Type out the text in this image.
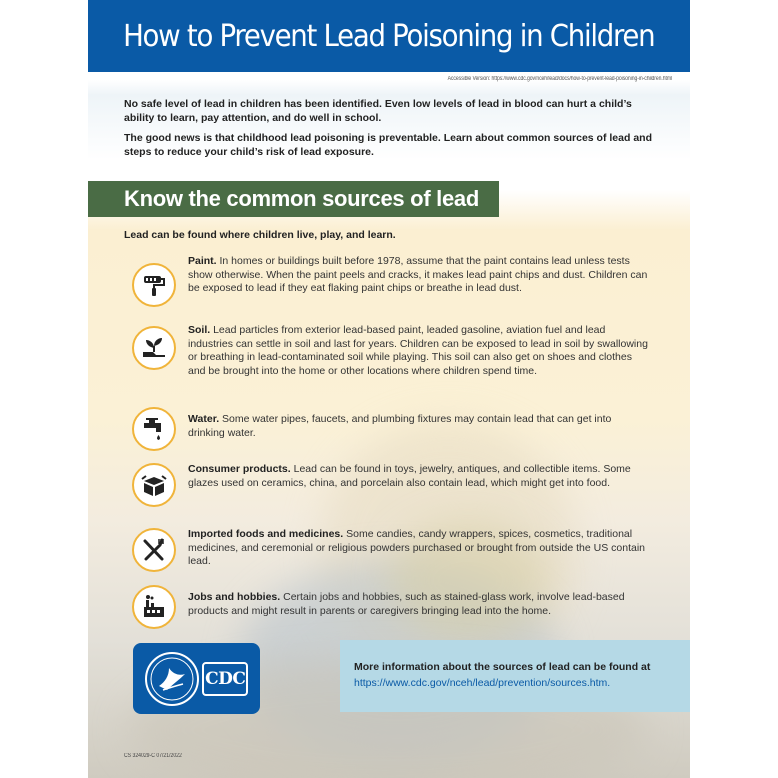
How to Prevent Lead Poisoning in Children
Accessible Version: https://www.cdc.gov/nceh/lead/docs/how-to-prevent-lead-poisoning-in-children.html

No safe level of lead in children has been identified. Even low levels of lead in blood can hurt a child’s ability to learn, pay attention, and do well in school.

The good news is that childhood lead poisoning is preventable. Learn about common sources of lead and steps to reduce your child’s risk of lead exposure.

Know the common sources of lead
Lead can be found where children live, play, and learn.
Paint. In homes or buildings built before 1978, assume that the paint contains lead unless tests show otherwise. When the paint peels and cracks, it makes lead paint chips and dust. Children can be exposed to lead if they eat flaking paint chips or breathe in lead dust.
Soil. Lead particles from exterior lead-based paint, leaded gasoline, aviation fuel and lead industries can settle in soil and last for years. Children can be exposed to lead in soil by swallowing or breathing in lead-contaminated soil while playing. This soil can also get on shoes and clothes and be brought into the home or other locations where children spend time.
Water. Some water pipes, faucets, and plumbing fixtures may contain lead that can get into drinking water.
Consumer products. Lead can be found in toys, jewelry, antiques, and collectible items. Some glazes used on ceramics, china, and porcelain also contain lead, which might get into food.
Imported foods and medicines. Some candies, candy wrappers, spices, cosmetics, traditional medicines, and ceremonial or religious powders purchased or brought from outside the US contain lead.
Jobs and hobbies. Certain jobs and hobbies, such as stained-glass work, involve lead-based products and might result in parents or caregivers bringing lead into the home.
CDC
More information about the sources of lead can be found at
https://www.cdc.gov/nceh/lead/prevention/sources.htm.
CS 324029-C 07/21/2022
